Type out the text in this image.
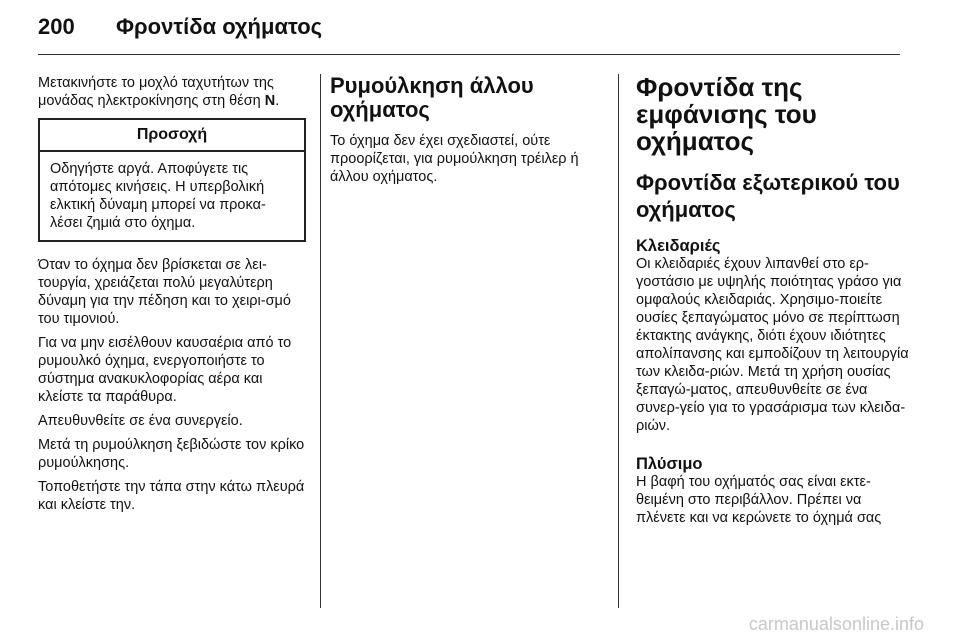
200	Φροντίδα οχήματος

Μετακινήστε το μοχλό ταχυτήτων της μονάδας ηλεκτροκίνησης στη θέση N.

Προσοχή
Οδηγήστε αργά. Αποφύγετε τις απότομες κινήσεις. Η υπερβολική ελκτική δύναμη μπορεί να προκα-λέσει ζημιά στο όχημα.

Όταν το όχημα δεν βρίσκεται σε λει-τουργία, χρειάζεται πολύ μεγαλύτερη δύναμη για την πέδηση και το χειρι-σμό του τιμονιού.

Για να μην εισέλθουν καυσαέρια από το ρυμουλκό όχημα, ενεργοποιήστε το σύστημα ανακυκλοφορίας αέρα και κλείστε τα παράθυρα.

Απευθυνθείτε σε ένα συνεργείο.

Μετά τη ρυμούλκηση ξεβιδώστε τον κρίκο ρυμούλκησης.

Τοποθετήστε την τάπα στην κάτω πλευρά και κλείστε την.

Ρυμούλκηση άλλου οχήματος

Το όχημα δεν έχει σχεδιαστεί, ούτε προορίζεται, για ρυμούλκηση τρέιλερ ή άλλου οχήματος.

Φροντίδα της εμφάνισης του οχήματος
Φροντίδα εξωτερικού του οχήματος
Κλειδαριές

Οι κλειδαριές έχουν λιπανθεί στο ερ-γοστάσιο με υψηλής ποιότητας γράσο για ομφαλούς κλειδαριάς. Χρησιμο-ποιείτε ουσίες ξεπαγώματος μόνο σε περίπτωση έκτακτης ανάγκης, διότι έχουν ιδιότητες απολίπανσης και εμποδίζουν τη λειτουργία των κλειδα-ριών. Μετά τη χρήση ουσίας ξεπαγώ-ματος, απευθυνθείτε σε ένα συνερ-γείο για το γρασάρισμα των κλειδα-ριών.

Πλύσιμο

Η βαφή του οχήματός σας είναι εκτε-θειμένη στο περιβάλλον. Πρέπει να πλένετε και να κερώνετε το όχημά σας

carmanualsonline.info
